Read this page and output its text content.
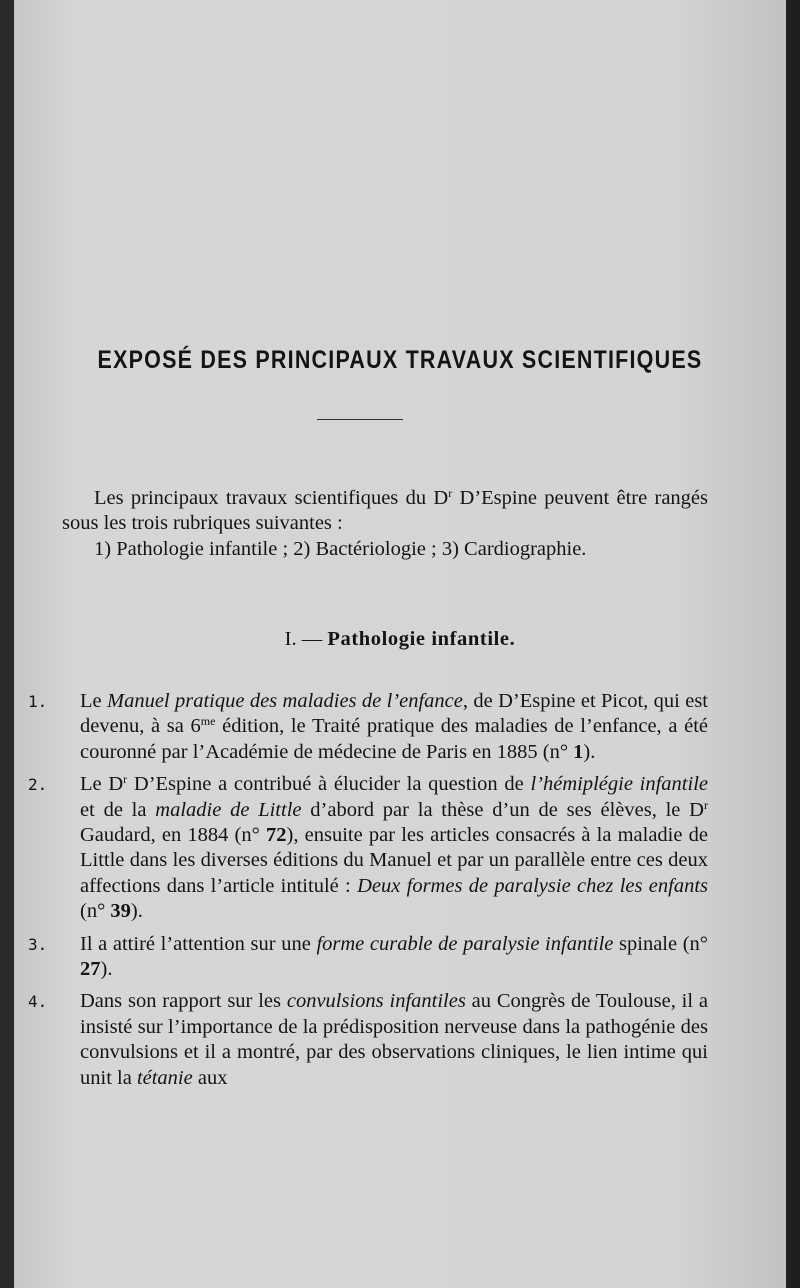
EXPOSÉ DES PRINCIPAUX TRAVAUX SCIENTIFIQUES

Les principaux travaux scientifiques du $D^r$ D’Espine peuvent être rangés sous les trois rubriques suivantes :

1) Pathologie infantile ; 2) Bactériologie ; 3) Cardiographie.

I. — Pathologie infantile.
1. Le Manuel pratique des maladies de l’enfance, de D’Espine et Picot, qui est devenu, à sa $6^{me}$ édition, le Traité pratique des maladies de l’enfance, a été couronné par l’Académie de médecine de Paris en 1885 (n° 1).
2. Le $D^r$ D’Espine a contribué à élucider la question de l’hémiplégie infantile et de la maladie de Little d’abord par la thèse d’un de ses élèves, le $D^r$ Gaudard, en 1884 (n° 72), ensuite par les articles consacrés à la maladie de Little dans les diverses éditions du Manuel et par un parallèle entre ces deux affections dans l’article intitulé : Deux formes de paralysie chez les enfants (n° 39).
3. Il a attiré l’attention sur une forme curable de paralysie infantile spinale (n° 27).
4. Dans son rapport sur les convulsions infantiles au Congrès de Toulouse, il a insisté sur l’importance de la prédisposition nerveuse dans la pathogénie des convulsions et il a montré, par des observations cliniques, le lien intime qui unit la tétanie aux
